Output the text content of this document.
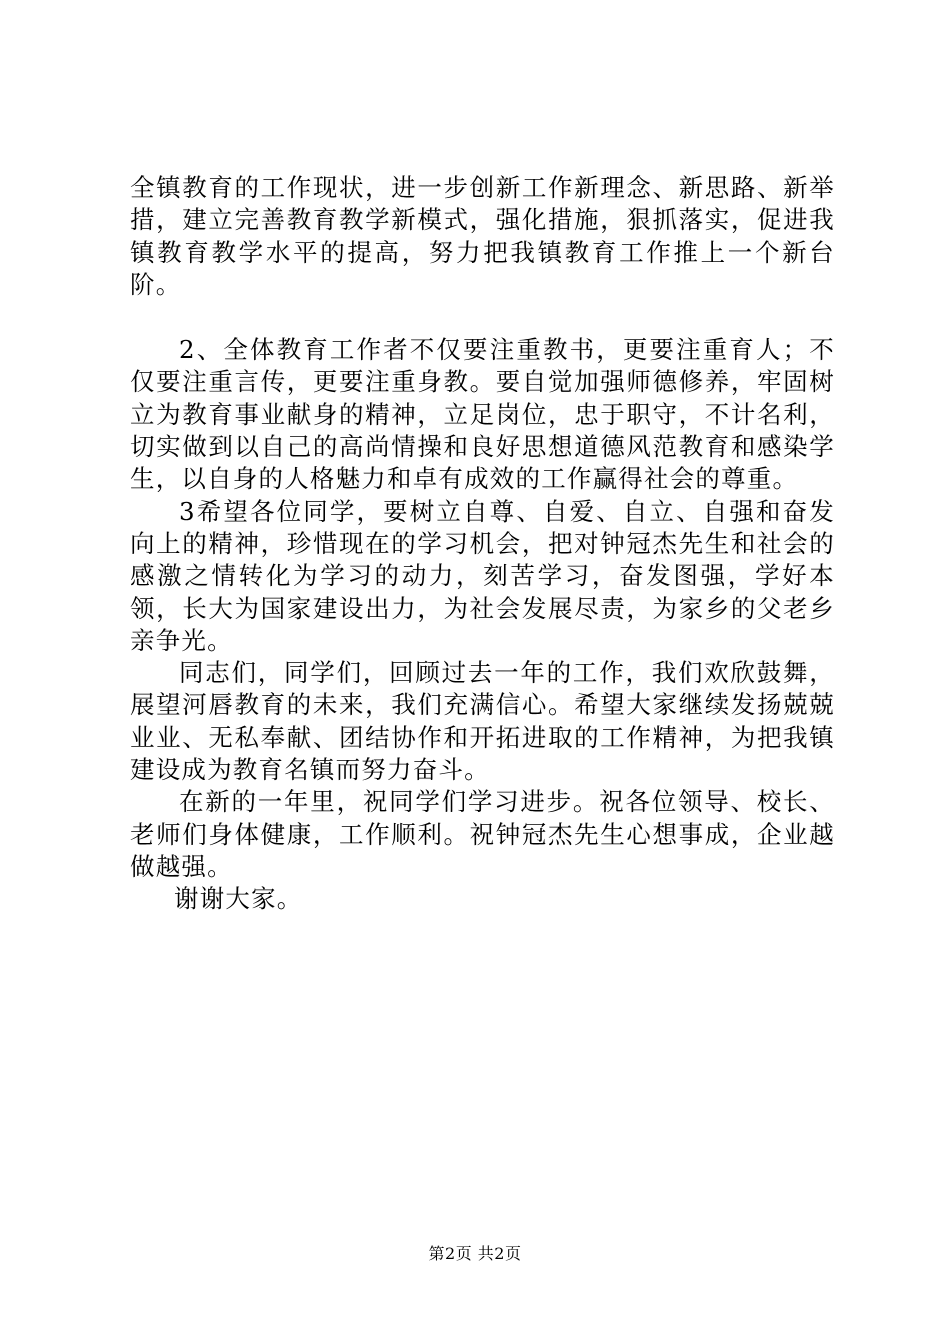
全镇教育的工作现状，进一步创新工作新理念、新思路、新举措，建立完善教育教学新模式，强化措施，狠抓落实，促进我镇教育教学水平的提高，努力把我镇教育工作推上一个新台阶。

2、全体教育工作者不仅要注重教书，更要注重育人；不仅要注重言传，更要注重身教。要自觉加强师德修养，牢固树立为教育事业献身的精神，立足岗位，忠于职守，不计名利，切实做到以自己的高尚情操和良好思想道德风范教育和感染学生，以自身的人格魅力和卓有成效的工作赢得社会的尊重。

3希望各位同学，要树立自尊、自爱、自立、自强和奋发向上的精神，珍惜现在的学习机会，把对钟冠杰先生和社会的感激之情转化为学习的动力，刻苦学习，奋发图强，学好本领，长大为国家建设出力，为社会发展尽责，为家乡的父老乡亲争光。

同志们，同学们，回顾过去一年的工作，我们欢欣鼓舞，展望河唇教育的未来，我们充满信心。希望大家继续发扬兢兢业业、无私奉献、团结协作和开拓进取的工作精神，为把我镇建设成为教育名镇而努力奋斗。

在新的一年里，祝同学们学习进步。祝各位领导、校长、老师们身体健康，工作顺利。祝钟冠杰先生心想事成，企业越做越强。

谢谢大家。

第2页 共2页
